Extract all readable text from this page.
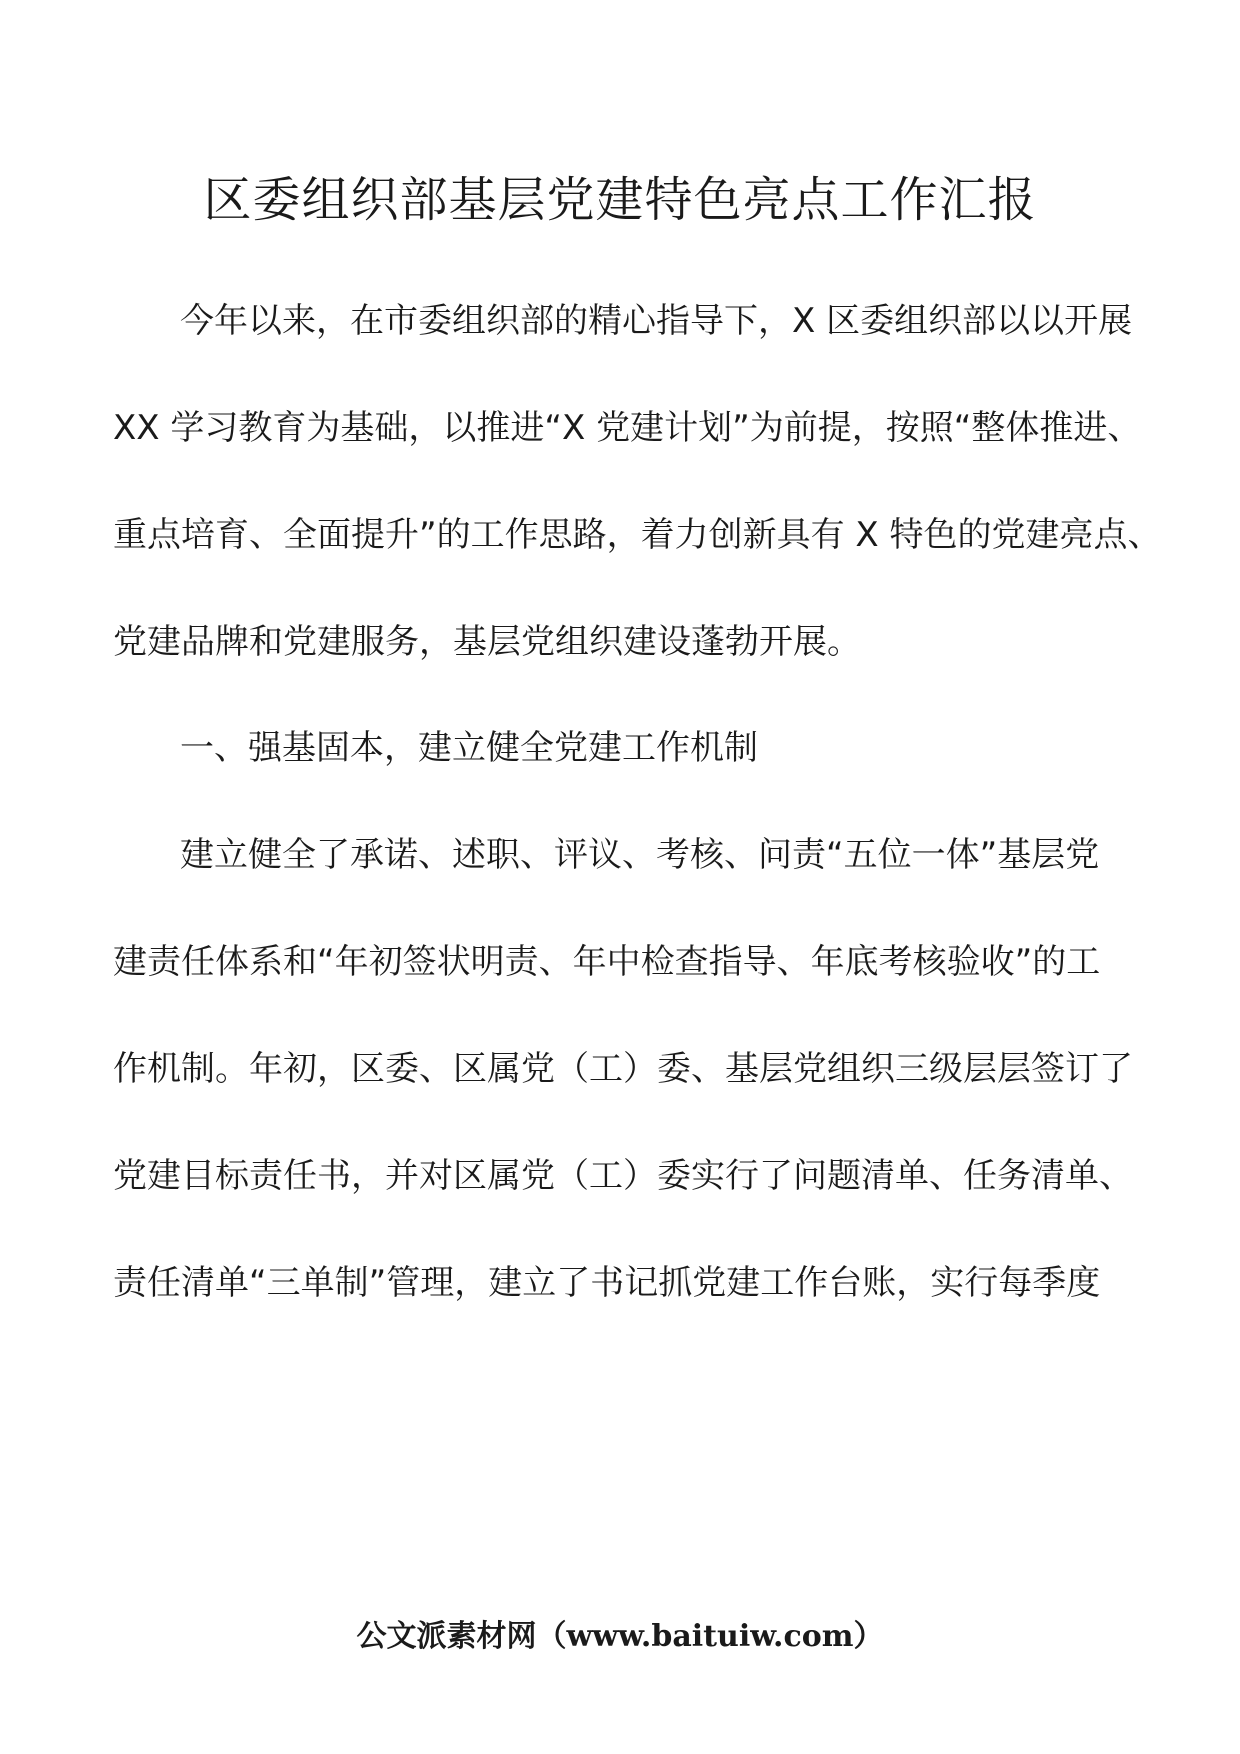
区委组织部基层党建特色亮点工作汇报

今年以来，在市委组织部的精心指导下，X 区委组织部以以开展

XX 学习教育为基础，以推进“X 党建计划”为前提，按照“整体推进、

重点培育、全面提升”的工作思路，着力创新具有 X 特色的党建亮点、

党建品牌和党建服务，基层党组织建设蓬勃开展。

一、强基固本，建立健全党建工作机制

建立健全了承诺、述职、评议、考核、问责“五位一体”基层党

建责任体系和“年初签状明责、年中检查指导、年底考核验收”的工

作机制。年初，区委、区属党（工）委、基层党组织三级层层签订了

党建目标责任书，并对区属党（工）委实行了问题清单、任务清单、

责任清单“三单制”管理，建立了书记抓党建工作台账，实行每季度

公文派素材网（www.baituiw.com）
